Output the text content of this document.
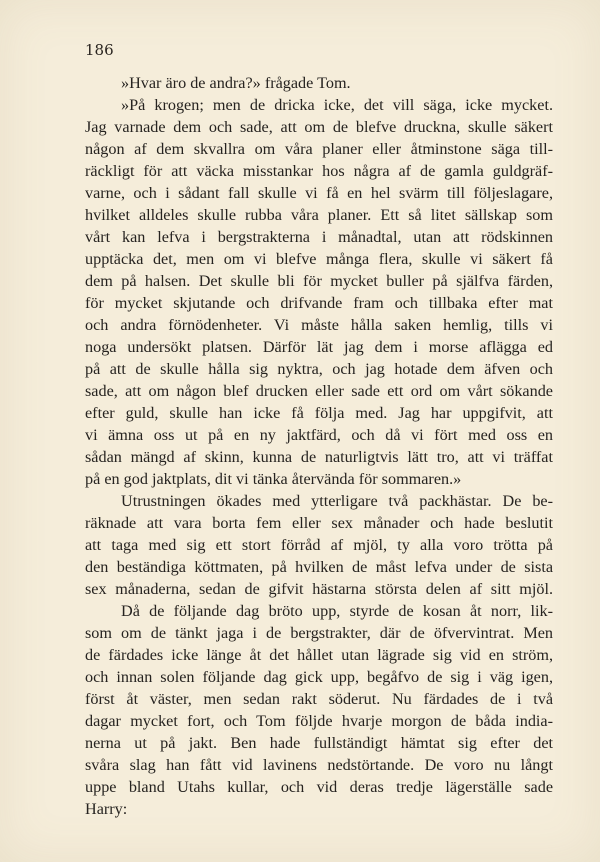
186

»Hvar äro de andra?» frågade Tom.

»På krogen; men de dricka icke, det vill säga, icke mycket.

Jag varnade dem och sade, att om de blefve druckna, skulle säkert

någon af dem skvallra om våra planer eller åtminstone säga till-

räckligt för att väcka misstankar hos några af de gamla guldgräf-

varne, och i sådant fall skulle vi få en hel svärm till följeslagare,

hvilket alldeles skulle rubba våra planer. Ett så litet sällskap som

vårt kan lefva i bergstrakterna i månadtal, utan att rödskinnen

upptäcka det, men om vi blefve många flera, skulle vi säkert få

dem på halsen. Det skulle bli för mycket buller på själfva färden,

för mycket skjutande och drifvande fram och tillbaka efter mat

och andra förnödenheter. Vi måste hålla saken hemlig, tills vi

noga undersökt platsen. Därför lät jag dem i morse aflägga ed

på att de skulle hålla sig nyktra, och jag hotade dem äfven och

sade, att om någon blef drucken eller sade ett ord om vårt sökande

efter guld, skulle han icke få följa med. Jag har uppgifvit, att

vi ämna oss ut på en ny jaktfärd, och då vi fört med oss en

sådan mängd af skinn, kunna de naturligtvis lätt tro, att vi träffat

på en god jaktplats, dit vi tänka återvända för sommaren.»

Utrustningen ökades med ytterligare två packhästar. De be-

räknade att vara borta fem eller sex månader och hade beslutit

att taga med sig ett stort förråd af mjöl, ty alla voro trötta på

den beständiga köttmaten, på hvilken de måst lefva under de sista

sex månaderna, sedan de gifvit hästarna största delen af sitt mjöl.

Då de följande dag bröto upp, styrde de kosan åt norr, lik-

som om de tänkt jaga i de bergstrakter, där de öfvervintrat. Men

de färdades icke länge åt det hållet utan lägrade sig vid en ström,

och innan solen följande dag gick upp, begåfvo de sig i väg igen,

först åt väster, men sedan rakt söderut. Nu färdades de i två

dagar mycket fort, och Tom följde hvarje morgon de båda india-

nerna ut på jakt. Ben hade fullständigt hämtat sig efter det

svåra slag han fått vid lavinens nedstörtande. De voro nu långt

uppe bland Utahs kullar, och vid deras tredje lägerställe sade

Harry:
